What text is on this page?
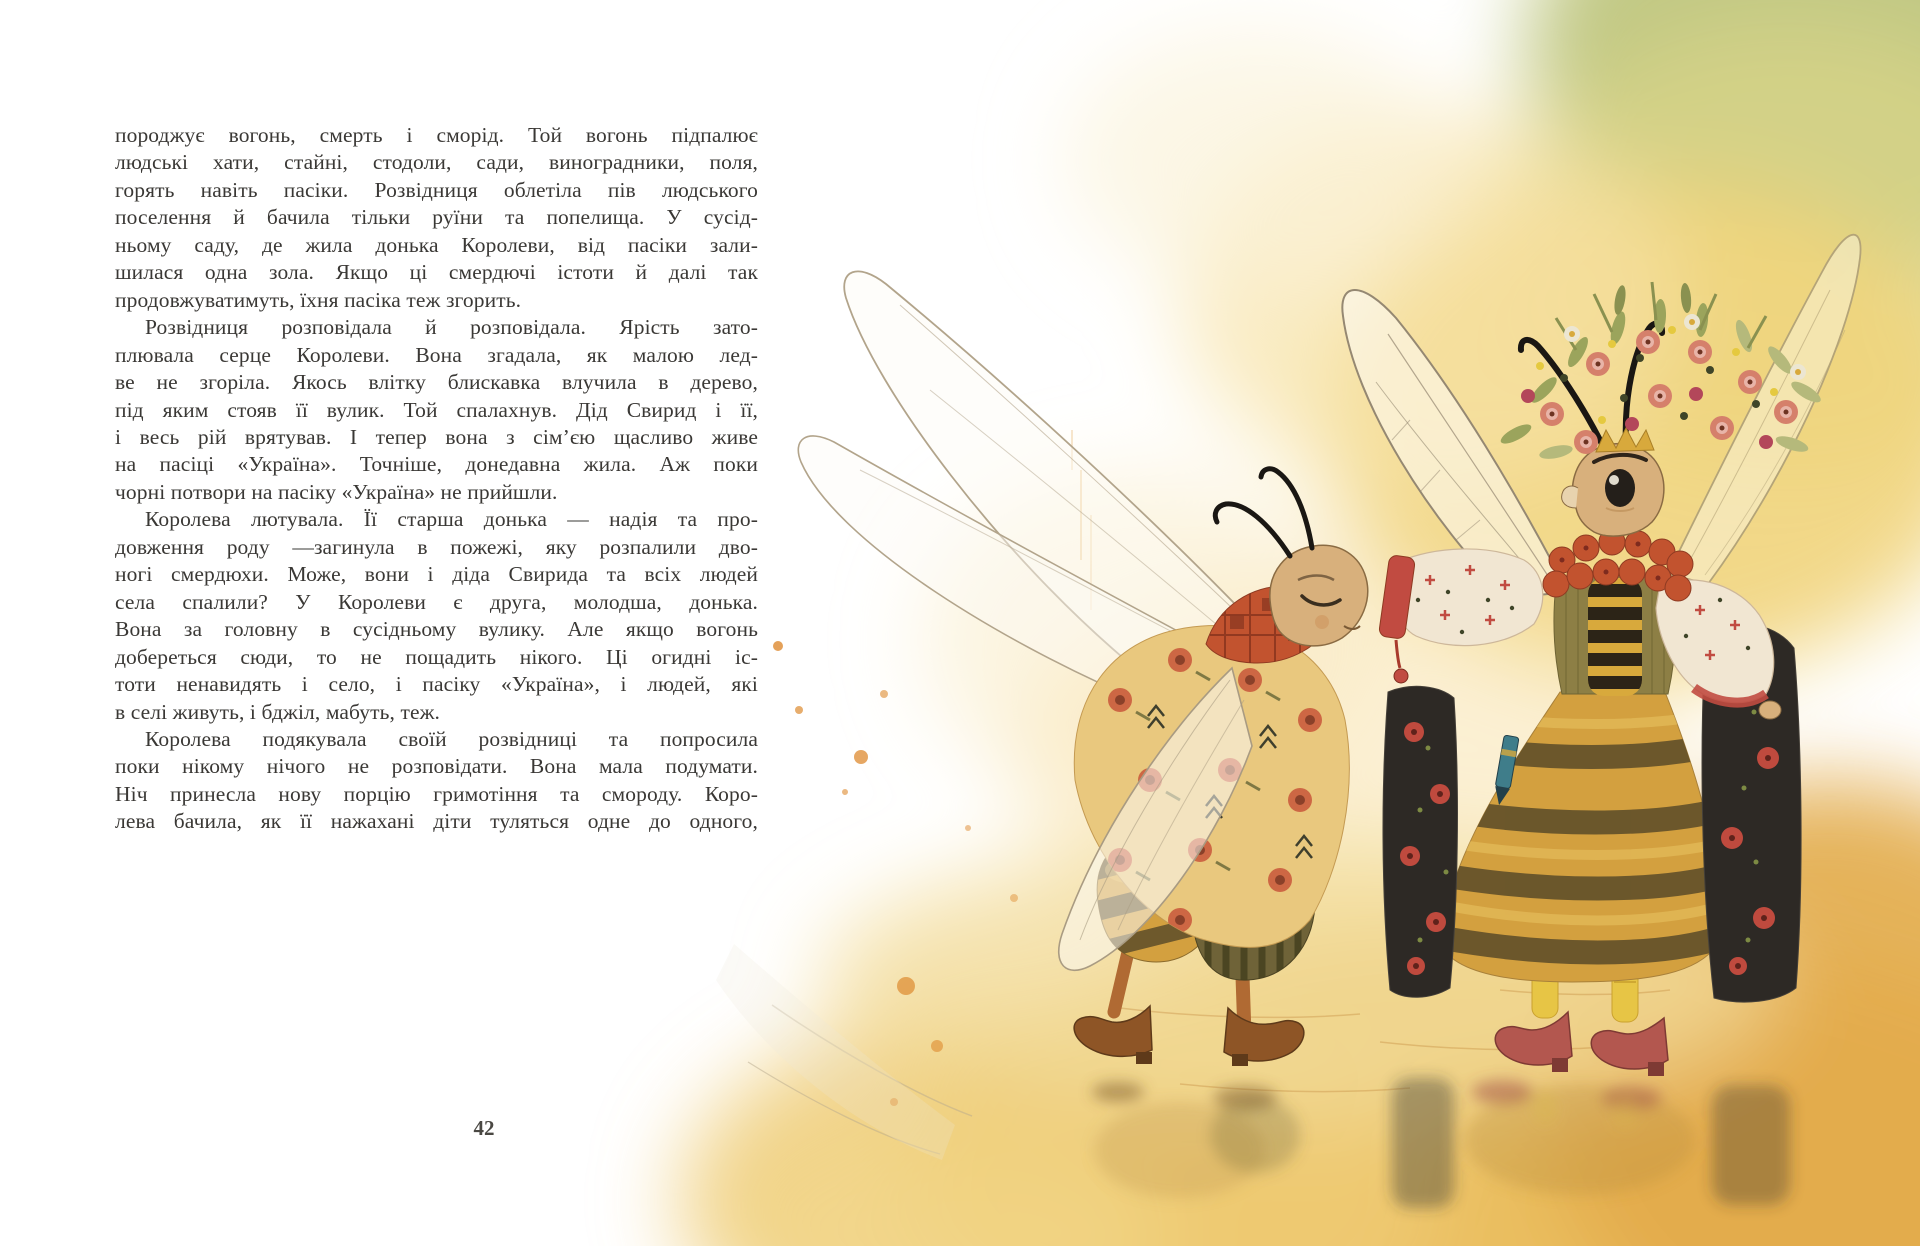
породжує вогонь, смерть і сморід. Той вогонь підпалює
людські хати, стайні, стодоли, сади, виноградники, поля,
горять навіть пасіки. Розвідниця облетіла пів людського
поселення й бачила тільки руїни та попелища. У сусід-
ньому саду, де жила донька Королеви, від пасіки зали-
шилася одна зола. Якщо ці смердючі істоти й далі так
продовжуватимуть, їхня пасіка теж згорить.
Розвідниця розповідала й розповідала. Ярість зато-
плювала серце Королеви. Вона згадала, як малою лед-
ве не згоріла. Якось влітку блискавка влучила в дерево,
під яким стояв її вулик. Той спалахнув. Дід Свирид і її,
і весь рій врятував. І тепер вона з сім’єю щасливо живе
на пасіці «Україна». Точніше, донедавна жила. Аж поки
чорні потвори на пасіку «Україна» не прийшли.
Королева лютувала. Її старша донька — надія та про-
довження роду —загинула в пожежі, яку розпалили дво-
ногі смердюхи. Може, вони і діда Свирида та всіх людей
села спалили? У Королеви є друга, молодша, донька.
Вона за головну в сусідньому вулику. Але якщо вогонь
добереться сюди, то не пощадить нікого. Ці огидні іс-
тоти ненавидять і село, і пасіку «Україна», і людей, які
в селі живуть, і бджіл, мабуть, теж.
Королева подякувала своїй розвідниці та попросила
поки нікому нічого не розповідати. Вона мала подумати.
Ніч принесла нову порцію гримотіння та смороду. Коро-
лева бачила, як її нажахані діти туляться одне до одного,
42
